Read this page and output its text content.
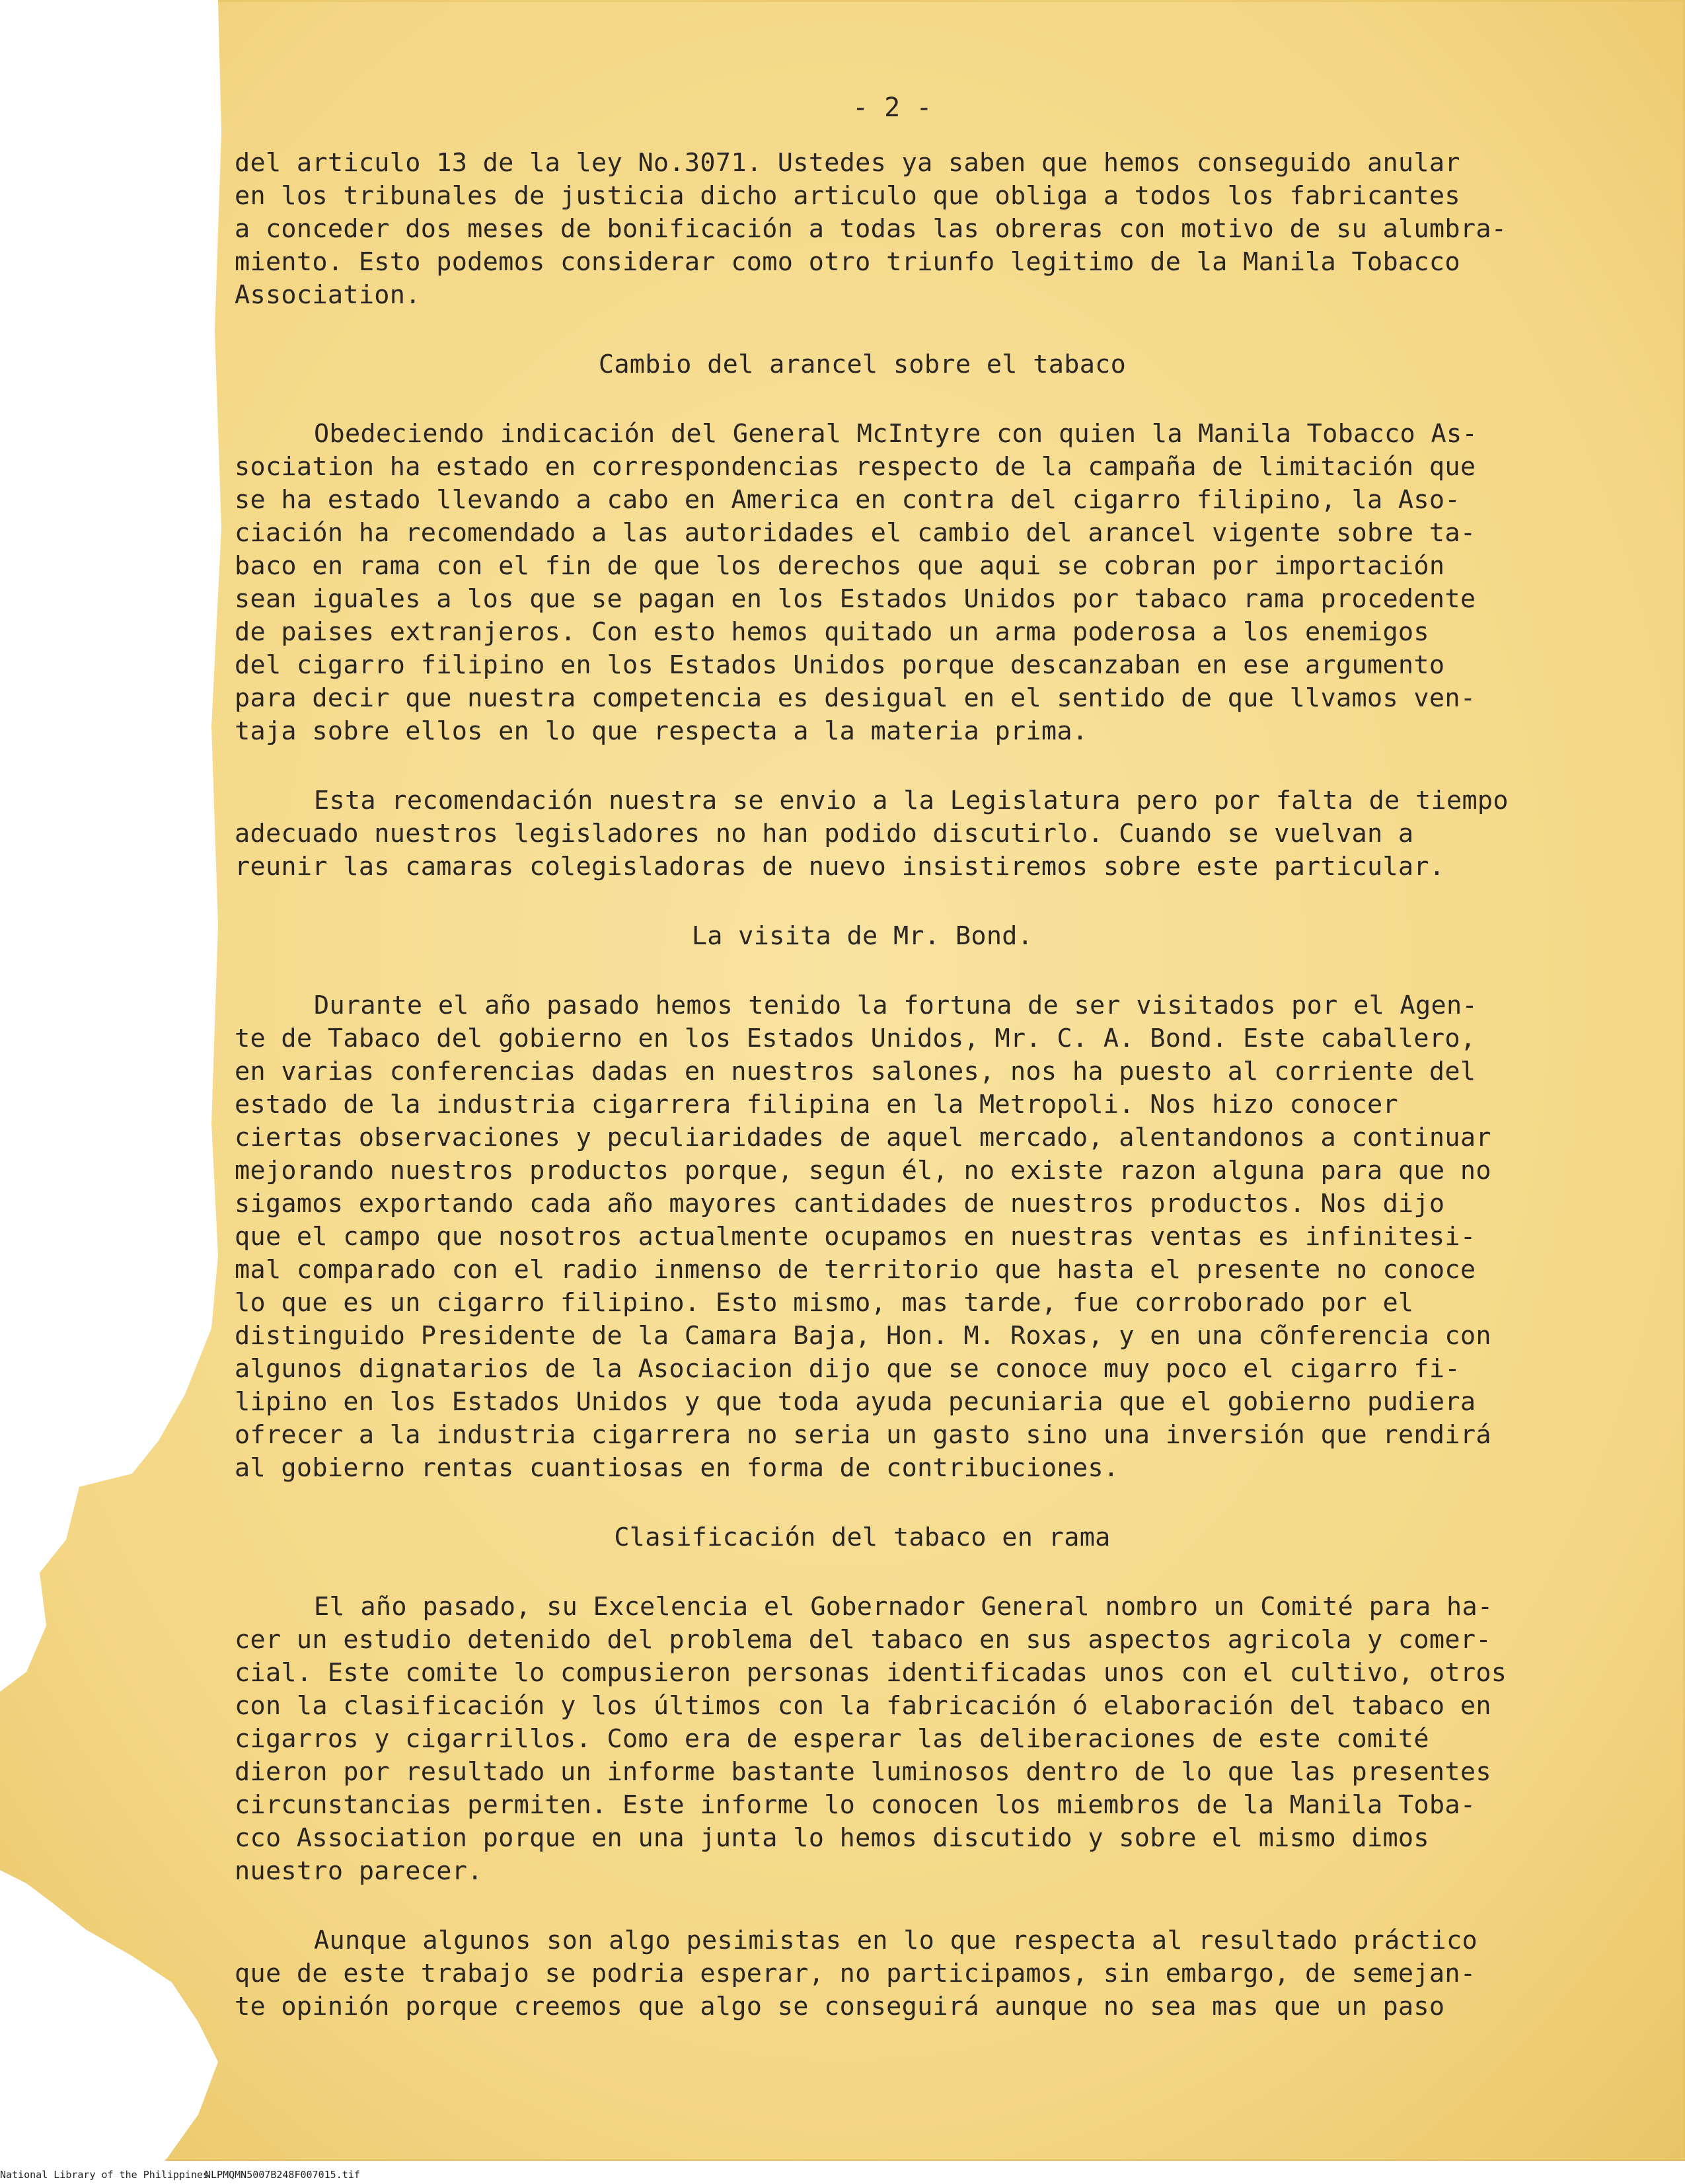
- 2 -
del articulo 13 de la ley No.3071. Ustedes ya saben que hemos conseguido anular
en los tribunales de justicia dicho articulo que obliga a todos los fabricantes
a conceder dos meses de bonificación a todas las obreras con motivo de su alumbra-
miento. Esto podemos considerar como otro triunfo legitimo de la Manila Tobacco
Association.
Cambio del arancel sobre el tabaco
Obedeciendo indicación del General McIntyre con quien la Manila Tobacco As-
sociation ha estado en correspondencias respecto de la campaña de limitación que
se ha estado llevando a cabo en America en contra del cigarro filipino, la Aso-
ciación ha recomendado a las autoridades el cambio del arancel vigente sobre ta-
baco en rama con el fin de que los derechos que aqui se cobran por importación
sean iguales a los que se pagan en los Estados Unidos por tabaco rama procedente
de paises extranjeros. Con esto hemos quitado un arma poderosa a los enemigos
del cigarro filipino en los Estados Unidos porque descanzaban en ese argumento
para decir que nuestra competencia es desigual en el sentido de que llvamos ven-
taja sobre ellos en lo que respecta a la materia prima.
Esta recomendación nuestra se envio a la Legislatura pero por falta de tiempo
adecuado nuestros legisladores no han podido discutirlo. Cuando se vuelvan a
reunir las camaras colegisladoras de nuevo insistiremos sobre este particular.
La visita de Mr. Bond.
Durante el año pasado hemos tenido la fortuna de ser visitados por el Agen-
te de Tabaco del gobierno en los Estados Unidos, Mr. C. A. Bond. Este caballero,
en varias conferencias dadas en nuestros salones, nos ha puesto al corriente del
estado de la industria cigarrera filipina en la Metropoli. Nos hizo conocer
ciertas observaciones y peculiaridades de aquel mercado, alentandonos a continuar
mejorando nuestros productos porque, segun él, no existe razon alguna para que no
sigamos exportando cada año mayores cantidades de nuestros productos. Nos dijo
que el campo que nosotros actualmente ocupamos en nuestras ventas es infinitesi-
mal comparado con el radio inmenso de territorio que hasta el presente no conoce
lo que es un cigarro filipino. Esto mismo, mas tarde, fue corroborado por el
distinguido Presidente de la Camara Baja, Hon. M. Roxas, y en una cõnferencia con
algunos dignatarios de la Asociacion dijo que se conoce muy poco el cigarro fi-
lipino en los Estados Unidos y que toda ayuda pecuniaria que el gobierno pudiera
ofrecer a la industria cigarrera no seria un gasto sino una inversión que rendirá
al gobierno rentas cuantiosas en forma de contribuciones.
Clasificación del tabaco en rama
El año pasado, su Excelencia el Gobernador General nombro un Comité para ha-
cer un estudio detenido del problema del tabaco en sus aspectos agricola y comer-
cial. Este comite lo compusieron personas identificadas unos con el cultivo, otros
con la clasificación y los últimos con la fabricación ó elaboración del tabaco en
cigarros y cigarrillos. Como era de esperar las deliberaciones de este comité
dieron por resultado un informe bastante luminosos dentro de lo que las presentes
circunstancias permiten. Este informe lo conocen los miembros de la Manila Toba-
cco Association porque en una junta lo hemos discutido y sobre el mismo dimos
nuestro parecer.
Aunque algunos son algo pesimistas en lo que respecta al resultado práctico
que de este trabajo se podria esperar, no participamos, sin embargo, de semejan-
te opinión porque creemos que algo se conseguirá aunque no sea mas que un paso
National Library of the Philippines
NLPMQMN5007B248F007015.tif
